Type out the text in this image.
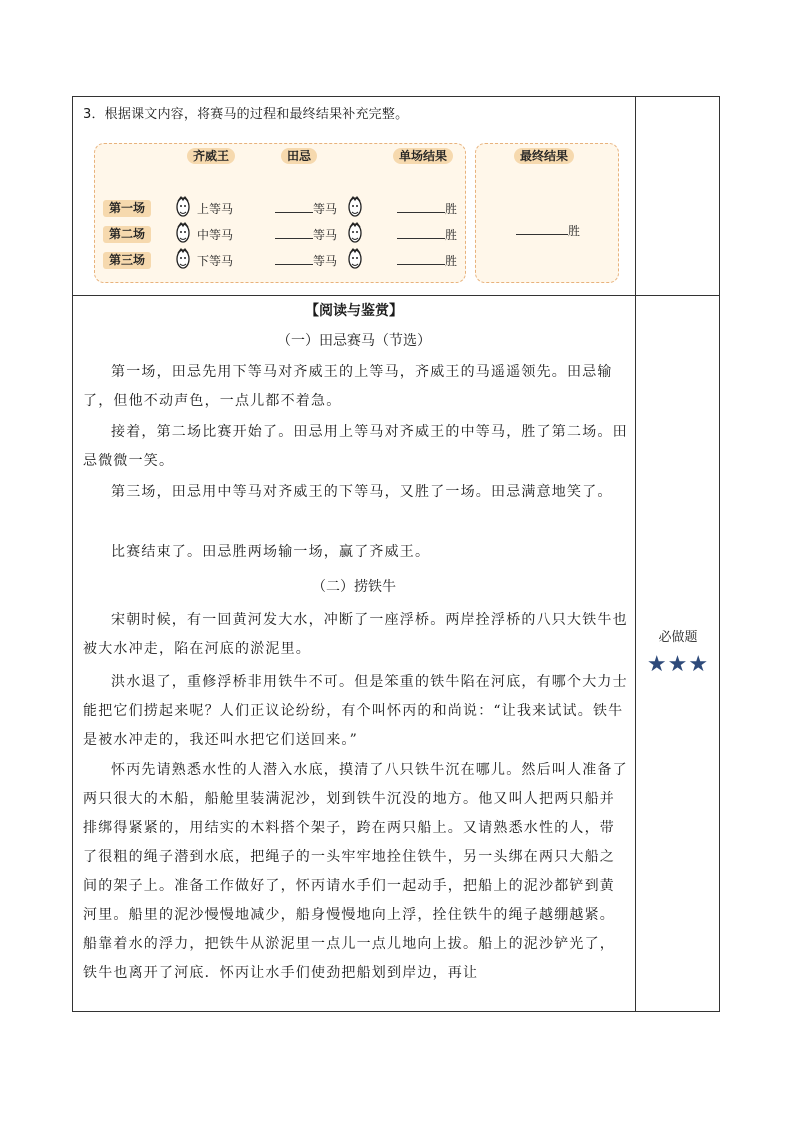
3．根据课文内容，将赛马的过程和最终结果补充完整。
齐威王	田忌	单场结果
第一场	上等马	等马	胜
第二场	中等马	等马	胜
第三场	下等马	等马	胜
最终结果
胜
【阅读与鉴赏】
（一）田忌赛马（节选）
第一场，田忌先用下等马对齐威王的上等马，齐威王的马遥遥领先。田忌输了，但他不动声色，一点儿都不着急。
接着，第二场比赛开始了。田忌用上等马对齐威王的中等马，胜了第二场。田忌微微一笑。
第三场，田忌用中等马对齐威王的下等马，又胜了一场。田忌满意地笑了。
比赛结束了。田忌胜两场输一场，赢了齐威王。
（二）捞铁牛
宋朝时候，有一回黄河发大水，冲断了一座浮桥。两岸拴浮桥的八只大铁牛也被大水冲走，陷在河底的淤泥里。
洪水退了，重修浮桥非用铁牛不可。但是笨重的铁牛陷在河底，有哪个大力士能把它们捞起来呢？人们正议论纷纷，有个叫怀丙的和尚说：“让我来试试。铁牛是被水冲走的，我还叫水把它们送回来。”
怀丙先请熟悉水性的人潜入水底，摸清了八只铁牛沉在哪儿。然后叫人准备了两只很大的木船，船舱里装满泥沙，划到铁牛沉没的地方。他又叫人把两只船并排绑得紧紧的，用结实的木料搭个架子，跨在两只船上。又请熟悉水性的人，带了很粗的绳子潜到水底，把绳子的一头牢牢地拴住铁牛，另一头绑在两只大船之间的架子上。准备工作做好了，怀丙请水手们一起动手，把船上的泥沙都铲到黄河里。船里的泥沙慢慢地减少，船身慢慢地向上浮，拴住铁牛的绳子越绷越紧。船靠着水的浮力，把铁牛从淤泥里一点儿一点儿地向上拔。船上的泥沙铲光了，铁牛也离开了河底．怀丙让水手们使劲把船划到岸边，再让
必做题
★★★
